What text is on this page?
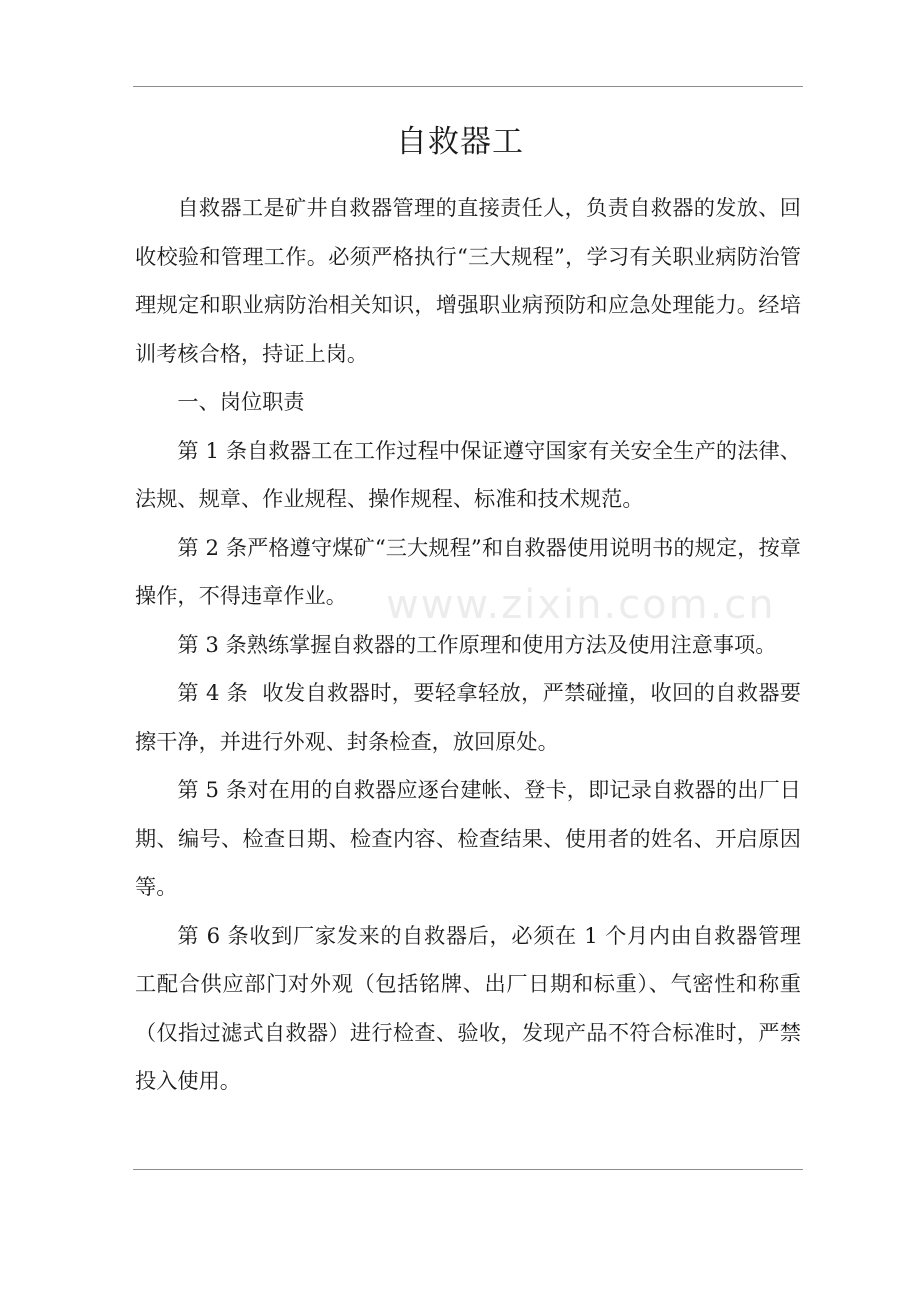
自救器工

自救器工是矿井自救器管理的直接责任人，负责自救器的发放、回收校验和管理工作。必须严格执行“三大规程”，学习有关职业病防治管理规定和职业病防治相关知识，增强职业病预防和应急处理能力。经培训考核合格，持证上岗。

一、岗位职责

第 1 条自救器工在工作过程中保证遵守国家有关安全生产的法律、法规、规章、作业规程、操作规程、标准和技术规范。

第 2 条严格遵守煤矿“三大规程”和自救器使用说明书的规定，按章操作，不得违章作业。

第 3 条熟练掌握自救器的工作原理和使用方法及使用注意事项。

第 4 条  收发自救器时，要轻拿轻放，严禁碰撞，收回的自救器要擦干净，并进行外观、封条检查，放回原处。

第 5 条对在用的自救器应逐台建帐、登卡，即记录自救器的出厂日期、编号、检查日期、检查内容、检查结果、使用者的姓名、开启原因等。

第 6 条收到厂家发来的自救器后，必须在 1 个月内由自救器管理工配合供应部门对外观（包括铭牌、出厂日期和标重）、气密性和称重（仅指过滤式自救器）进行检查、验收，发现产品不符合标准时，严禁投入使用。

www.zixin.com.cn
